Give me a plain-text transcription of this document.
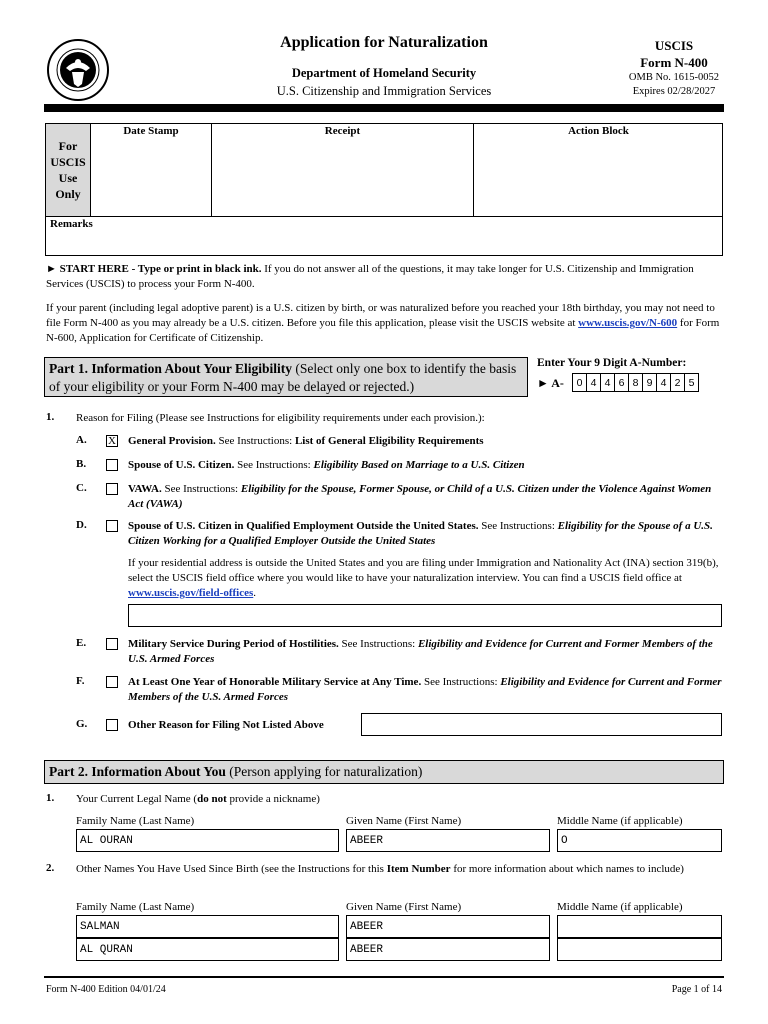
Application for Naturalization
Department of Homeland Security
U.S. Citizenship and Immigration Services
USCIS
Form N-400
OMB No. 1615-0052
Expires 02/28/2027
For
USCIS
Use
Only
Date Stamp	Receipt	Action Block
Remarks
► START HERE - Type or print in black ink. If you do not answer all of the questions, it may take longer for U.S. Citizenship and Immigration Services (USCIS) to process your Form N-400.
If your parent (including legal adoptive parent) is a U.S. citizen by birth, or was naturalized before you reached your 18th birthday, you may not need to file Form N-400 as you may already be a U.S. citizen. Before you file this application, please visit the USCIS website at www.uscis.gov/N-600 for Form N-600, Application for Certificate of Citizenship.
Part 1. Information About Your Eligibility (Select only one box to identify the basis of your eligibility or your Form N-400 may be delayed or rejected.)
Enter Your 9 Digit A-Number:
► A-	0 4 4 6 8 9 4 2 5
1. Reason for Filing (Please see Instructions for eligibility requirements under each provision.):
A. X General Provision. See Instructions: List of General Eligibility Requirements
B.	Spouse of U.S. Citizen. See Instructions: Eligibility Based on Marriage to a U.S. Citizen
C.	VAWA. See Instructions: Eligibility for the Spouse, Former Spouse, or Child of a U.S. Citizen under the Violence Against Women Act (VAWA)
D.	Spouse of U.S. Citizen in Qualified Employment Outside the United States. See Instructions: Eligibility for the Spouse of a U.S. Citizen Working for a Qualified Employer Outside the United States
If your residential address is outside the United States and you are filing under Immigration and Nationality Act (INA) section 319(b), select the USCIS field office where you would like to have your naturalization interview. You can find a USCIS field office at www.uscis.gov/field-offices.
E.	Military Service During Period of Hostilities. See Instructions: Eligibility and Evidence for Current and Former Members of the U.S. Armed Forces
F.	At Least One Year of Honorable Military Service at Any Time. See Instructions: Eligibility and Evidence for Current and Former Members of the U.S. Armed Forces
G.	Other Reason for Filing Not Listed Above
Part 2. Information About You (Person applying for naturalization)
1. Your Current Legal Name (do not provide a nickname)
Family Name (Last Name)	Given Name (First Name)	Middle Name (if applicable)
AL OURAN	ABEER	O
2. Other Names You Have Used Since Birth (see the Instructions for this Item Number for more information about which names to include)
Family Name (Last Name)	Given Name (First Name)	Middle Name (if applicable)
SALMAN	ABEER
AL QURAN	ABEER
Form N-400 Edition 04/01/24	Page 1 of 14
